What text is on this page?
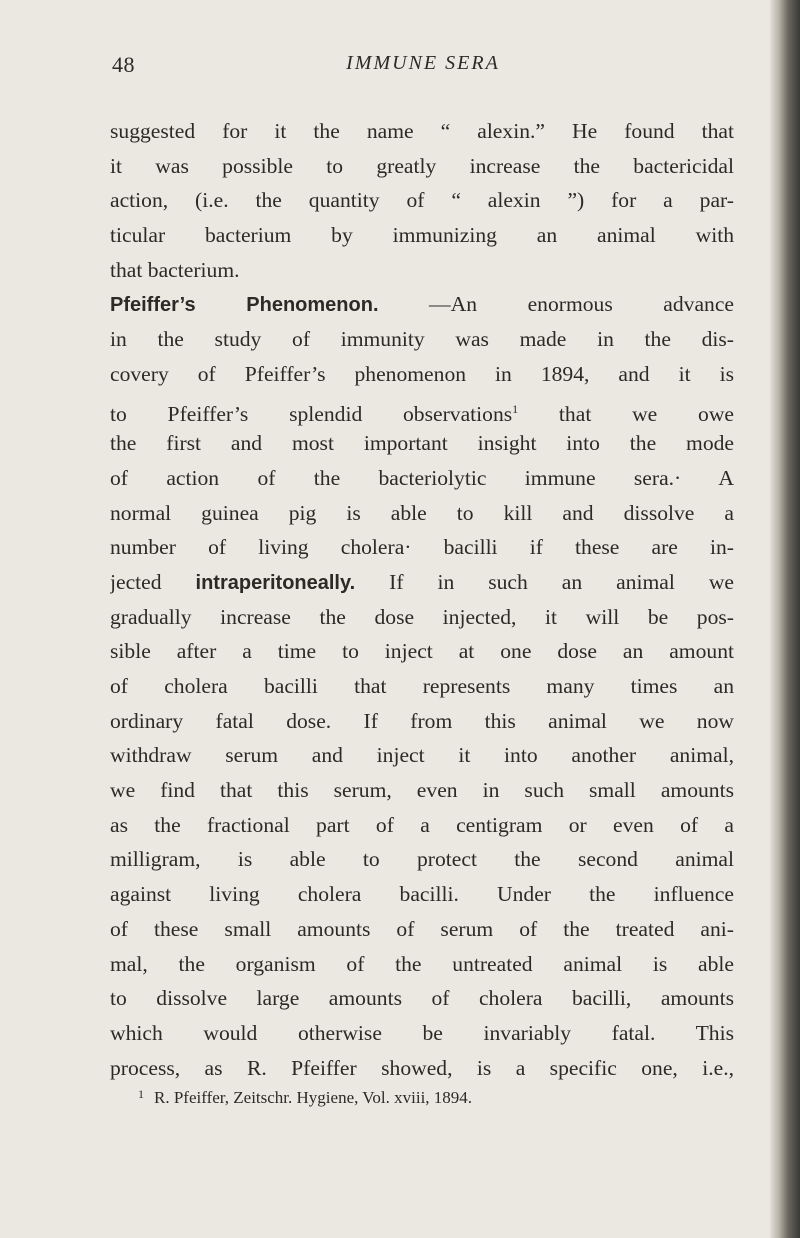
48	IMMUNE SERA
suggested for it the name “ alexin.” He found that
it was possible to greatly increase the bactericidal
action, (i.e. the quantity of “ alexin ”) for a par-
ticular bacterium by immunizing an animal with
that bacterium.
Pfeiffer’s Phenomenon. —An enormous advance
in the study of immunity was made in the dis-
covery of Pfeiffer’s phenomenon in 1894, and it is
to Pfeiffer’s splendid observations$^1$ that we owe
the first and most important insight into the mode
of action of the bacteriolytic immune sera.· A
normal guinea pig is able to kill and dissolve a
number of living cholera· bacilli if these are in-
jected intraperitoneally. If in such an animal we
gradually increase the dose injected, it will be pos-
sible after a time to inject at one dose an amount
of cholera bacilli that represents many times an
ordinary fatal dose. If from this animal we now
withdraw serum and inject it into another animal,
we find that this serum, even in such small amounts
as the fractional part of a centigram or even of a
milligram, is able to protect the second animal
against living cholera bacilli. Under the influence
of these small amounts of serum of the treated ani-
mal, the organism of the untreated animal is able
to dissolve large amounts of cholera bacilli, amounts
which would otherwise be invariably fatal. This
process, as R. Pfeiffer showed, is a specific one, i.e.,
$^1$ R. Pfeiffer, Zeitschr. Hygiene, Vol. xviii, 1894.
